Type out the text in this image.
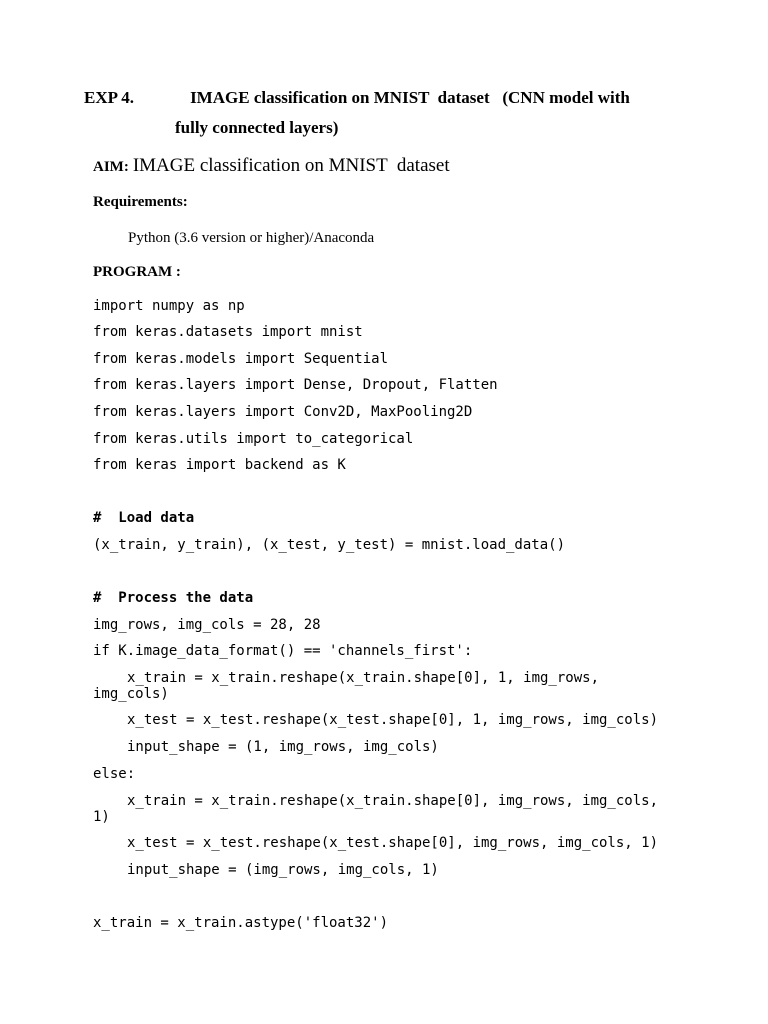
EXP 4.	IMAGE classification on MNIST  dataset   (CNN model with
fully connected layers)
AIM: IMAGE classification on MNIST  dataset
Requirements:
Python (3.6 version or higher)/Anaconda
PROGRAM :
import numpy as np
from keras.datasets import mnist
from keras.models import Sequential
from keras.layers import Dense, Dropout, Flatten
from keras.layers import Conv2D, MaxPooling2D
from keras.utils import to_categorical
from keras import backend as K
#  Load data
(x_train, y_train), (x_test, y_test) = mnist.load_data()
#  Process the data
img_rows, img_cols = 28, 28
if K.image_data_format() == 'channels_first':
x_train = x_train.reshape(x_train.shape[0], 1, img_rows,
img_cols)
x_test = x_test.reshape(x_test.shape[0], 1, img_rows, img_cols)
input_shape = (1, img_rows, img_cols)
else:
x_train = x_train.reshape(x_train.shape[0], img_rows, img_cols,
1)
x_test = x_test.reshape(x_test.shape[0], img_rows, img_cols, 1)
input_shape = (img_rows, img_cols, 1)
x_train = x_train.astype('float32')
